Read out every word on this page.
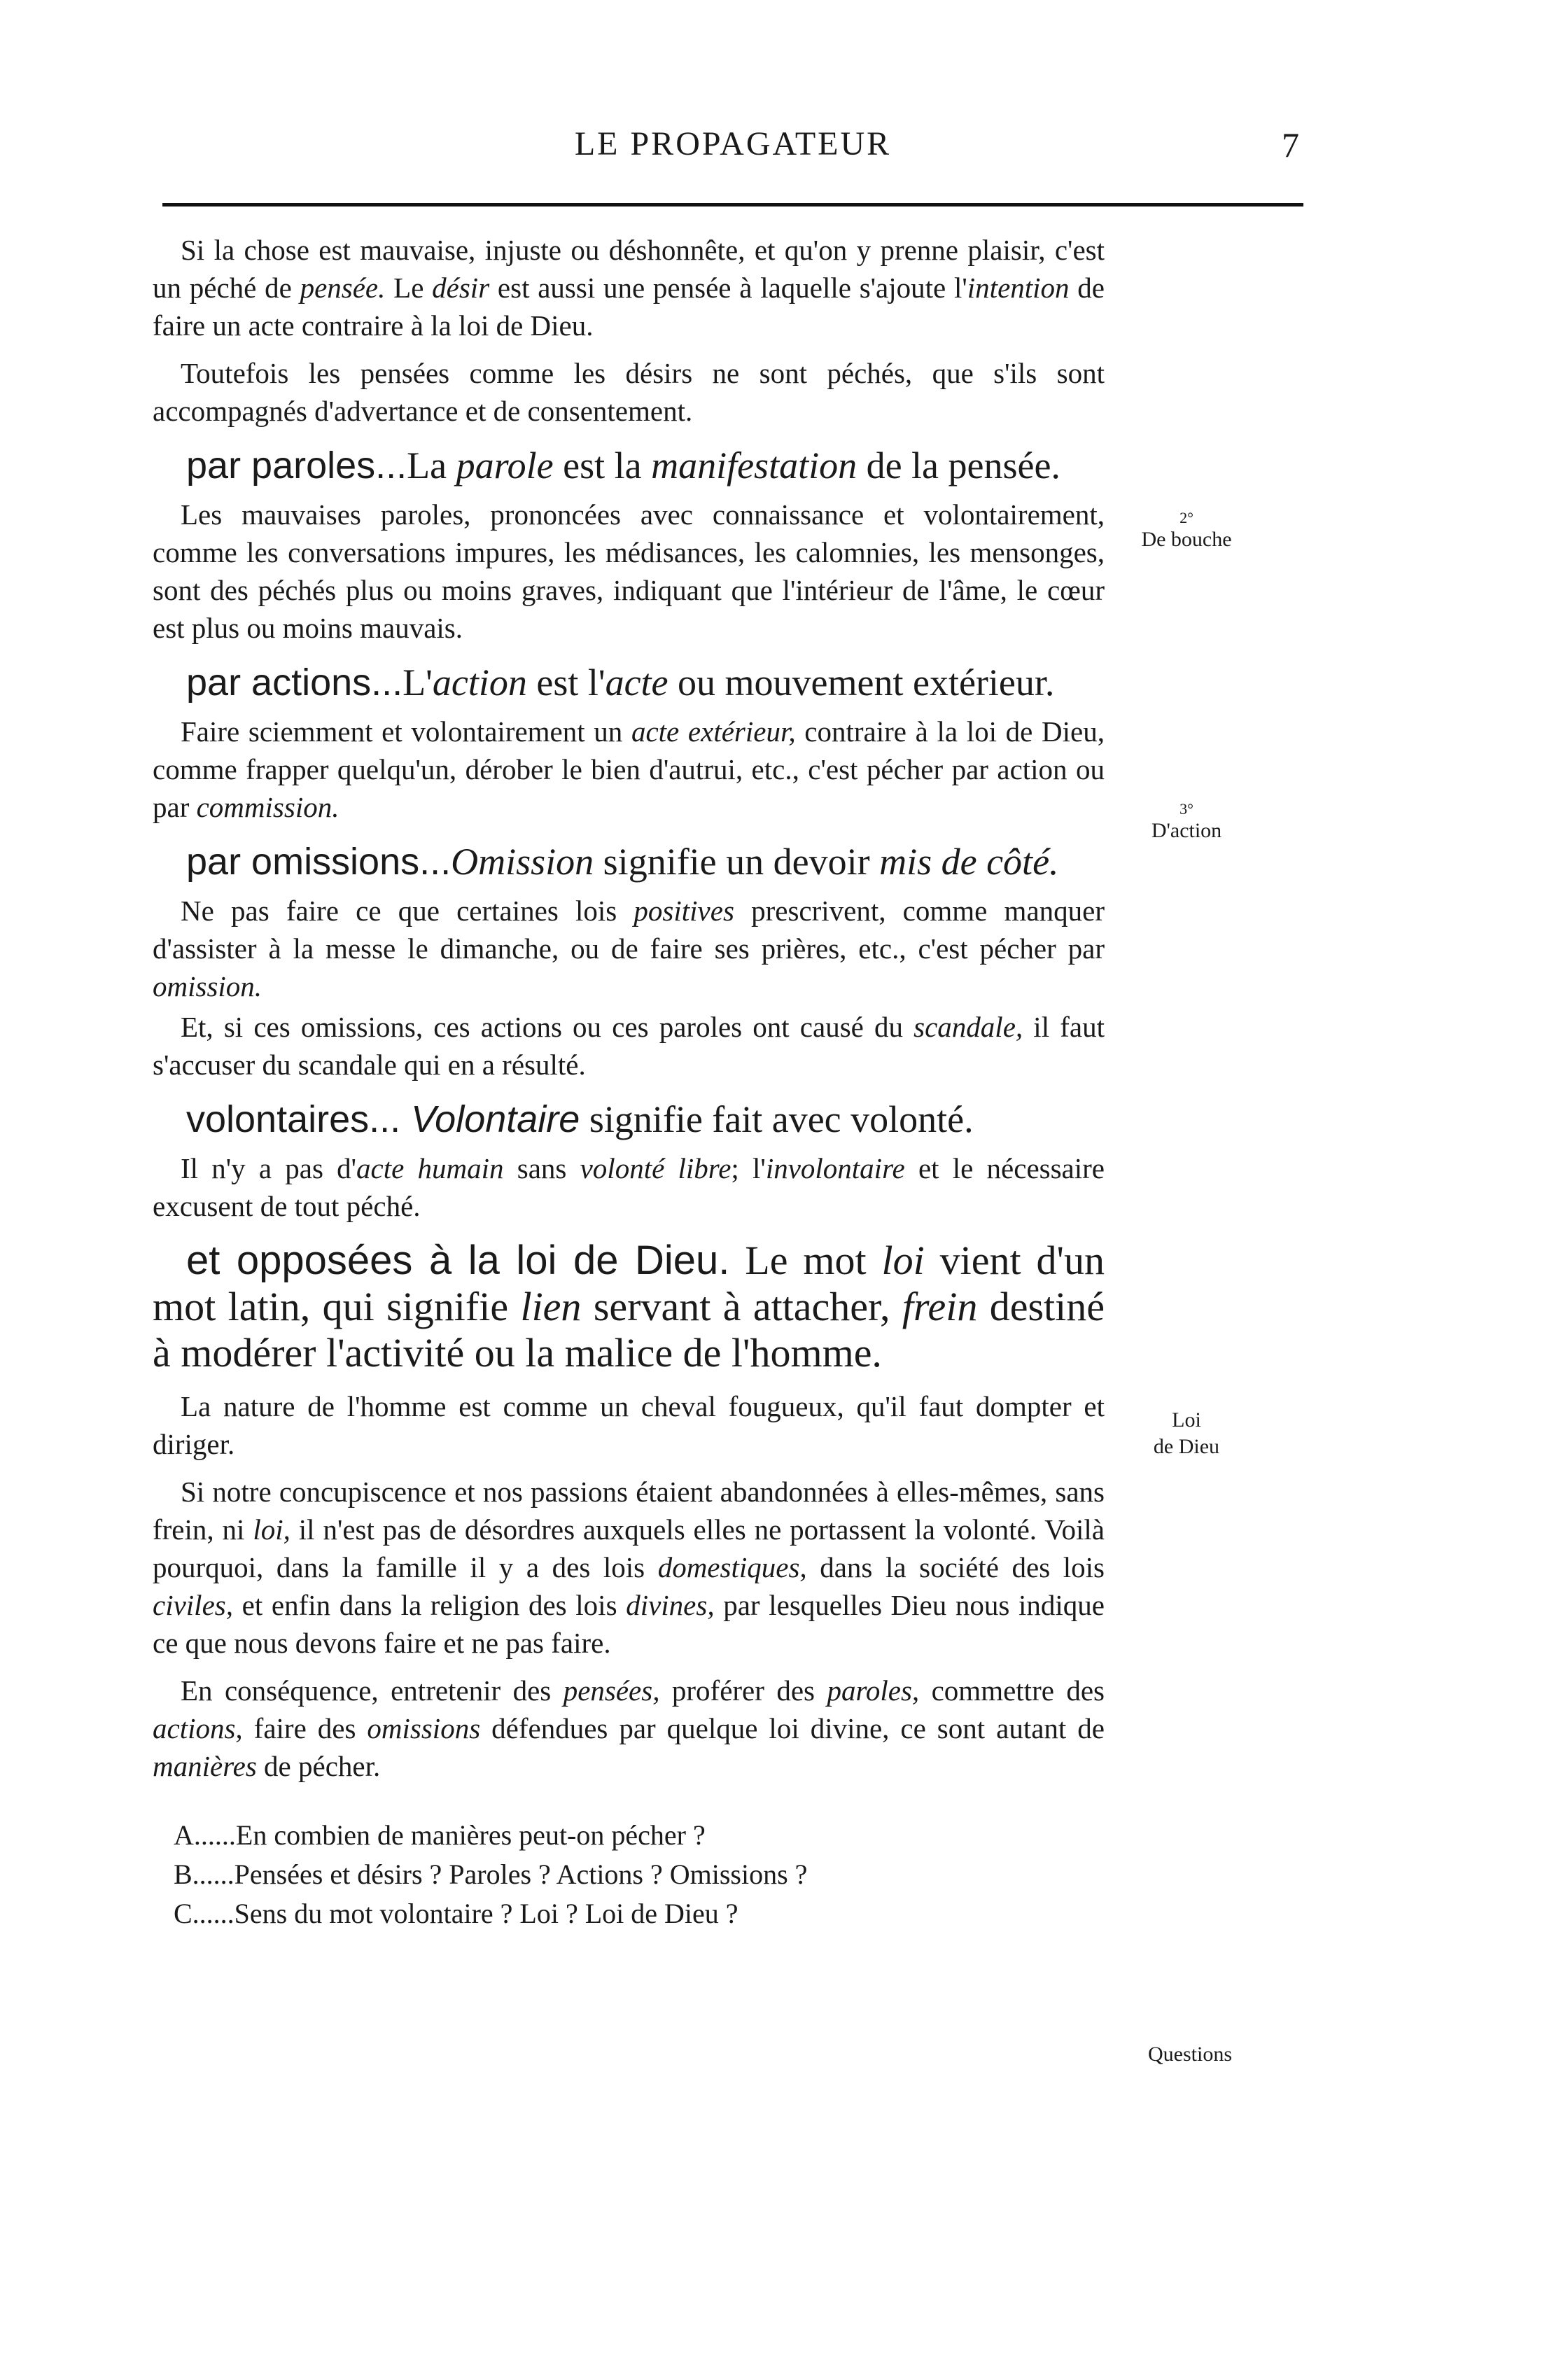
LE PROPAGATEUR	7

Si la chose est mauvaise, injuste ou déshonnête, et qu'on y prenne plaisir, c'est un péché de pensée. Le désir est aussi une pensée à laquelle s'ajoute l'intention de faire un acte contraire à la loi de Dieu.

Toutefois les pensées comme les désirs ne sont péchés, que s'ils sont accompagnés d'advertance et de consentement.

par paroles...La parole est la manifestation de la pensée.

Les mauvaises paroles, prononcées avec connaissance et volontairement, comme les conversations impures, les médisances, les calomnies, les mensonges, sont des péchés plus ou moins graves, indiquant que l'intérieur de l'âme, le cœur est plus ou moins mauvais.

par actions...L'action est l'acte ou mouvement extérieur.

Faire sciemment et volontairement un acte extérieur, contraire à la loi de Dieu, comme frapper quelqu'un, dérober le bien d'autrui, etc., c'est pécher par action ou par commission.

par omissions...Omission signifie un devoir mis de côté.

Ne pas faire ce que certaines lois positives prescrivent, comme manquer d'assister à la messe le dimanche, ou de faire ses prières, etc., c'est pécher par omission.

Et, si ces omissions, ces actions ou ces paroles ont causé du scandale, il faut s'accuser du scandale qui en a résulté.

volontaires... Volontaire signifie fait avec volonté.

Il n'y a pas d'acte humain sans volonté libre; l'involontaire et le nécessaire excusent de tout péché.

et opposées à la loi de Dieu. Le mot loi vient d'un mot latin, qui signifie lien servant à attacher, frein destiné à modérer l'activité ou la malice de l'homme.

La nature de l'homme est comme un cheval fougueux, qu'il faut dompter et diriger.

Si notre concupiscence et nos passions étaient abandonnées à elles-mêmes, sans frein, ni loi, il n'est pas de désordres auxquels elles ne portassent la volonté. Voilà pourquoi, dans la famille il y a des lois domestiques, dans la société des lois civiles, et enfin dans la religion des lois divines, par lesquelles Dieu nous indique ce que nous devons faire et ne pas faire.

En conséquence, entretenir des pensées, proférer des paroles, commettre des actions, faire des omissions défendues par quelque loi divine, ce sont autant de manières de pécher.

A......En combien de manières peut-on pécher ?
B......Pensées et désirs ? Paroles ? Actions ? Omissions ?
C......Sens du mot volontaire ? Loi ? Loi de Dieu ?
2°
De bouche
3°
D'action
Loi
de Dieu
Questions
